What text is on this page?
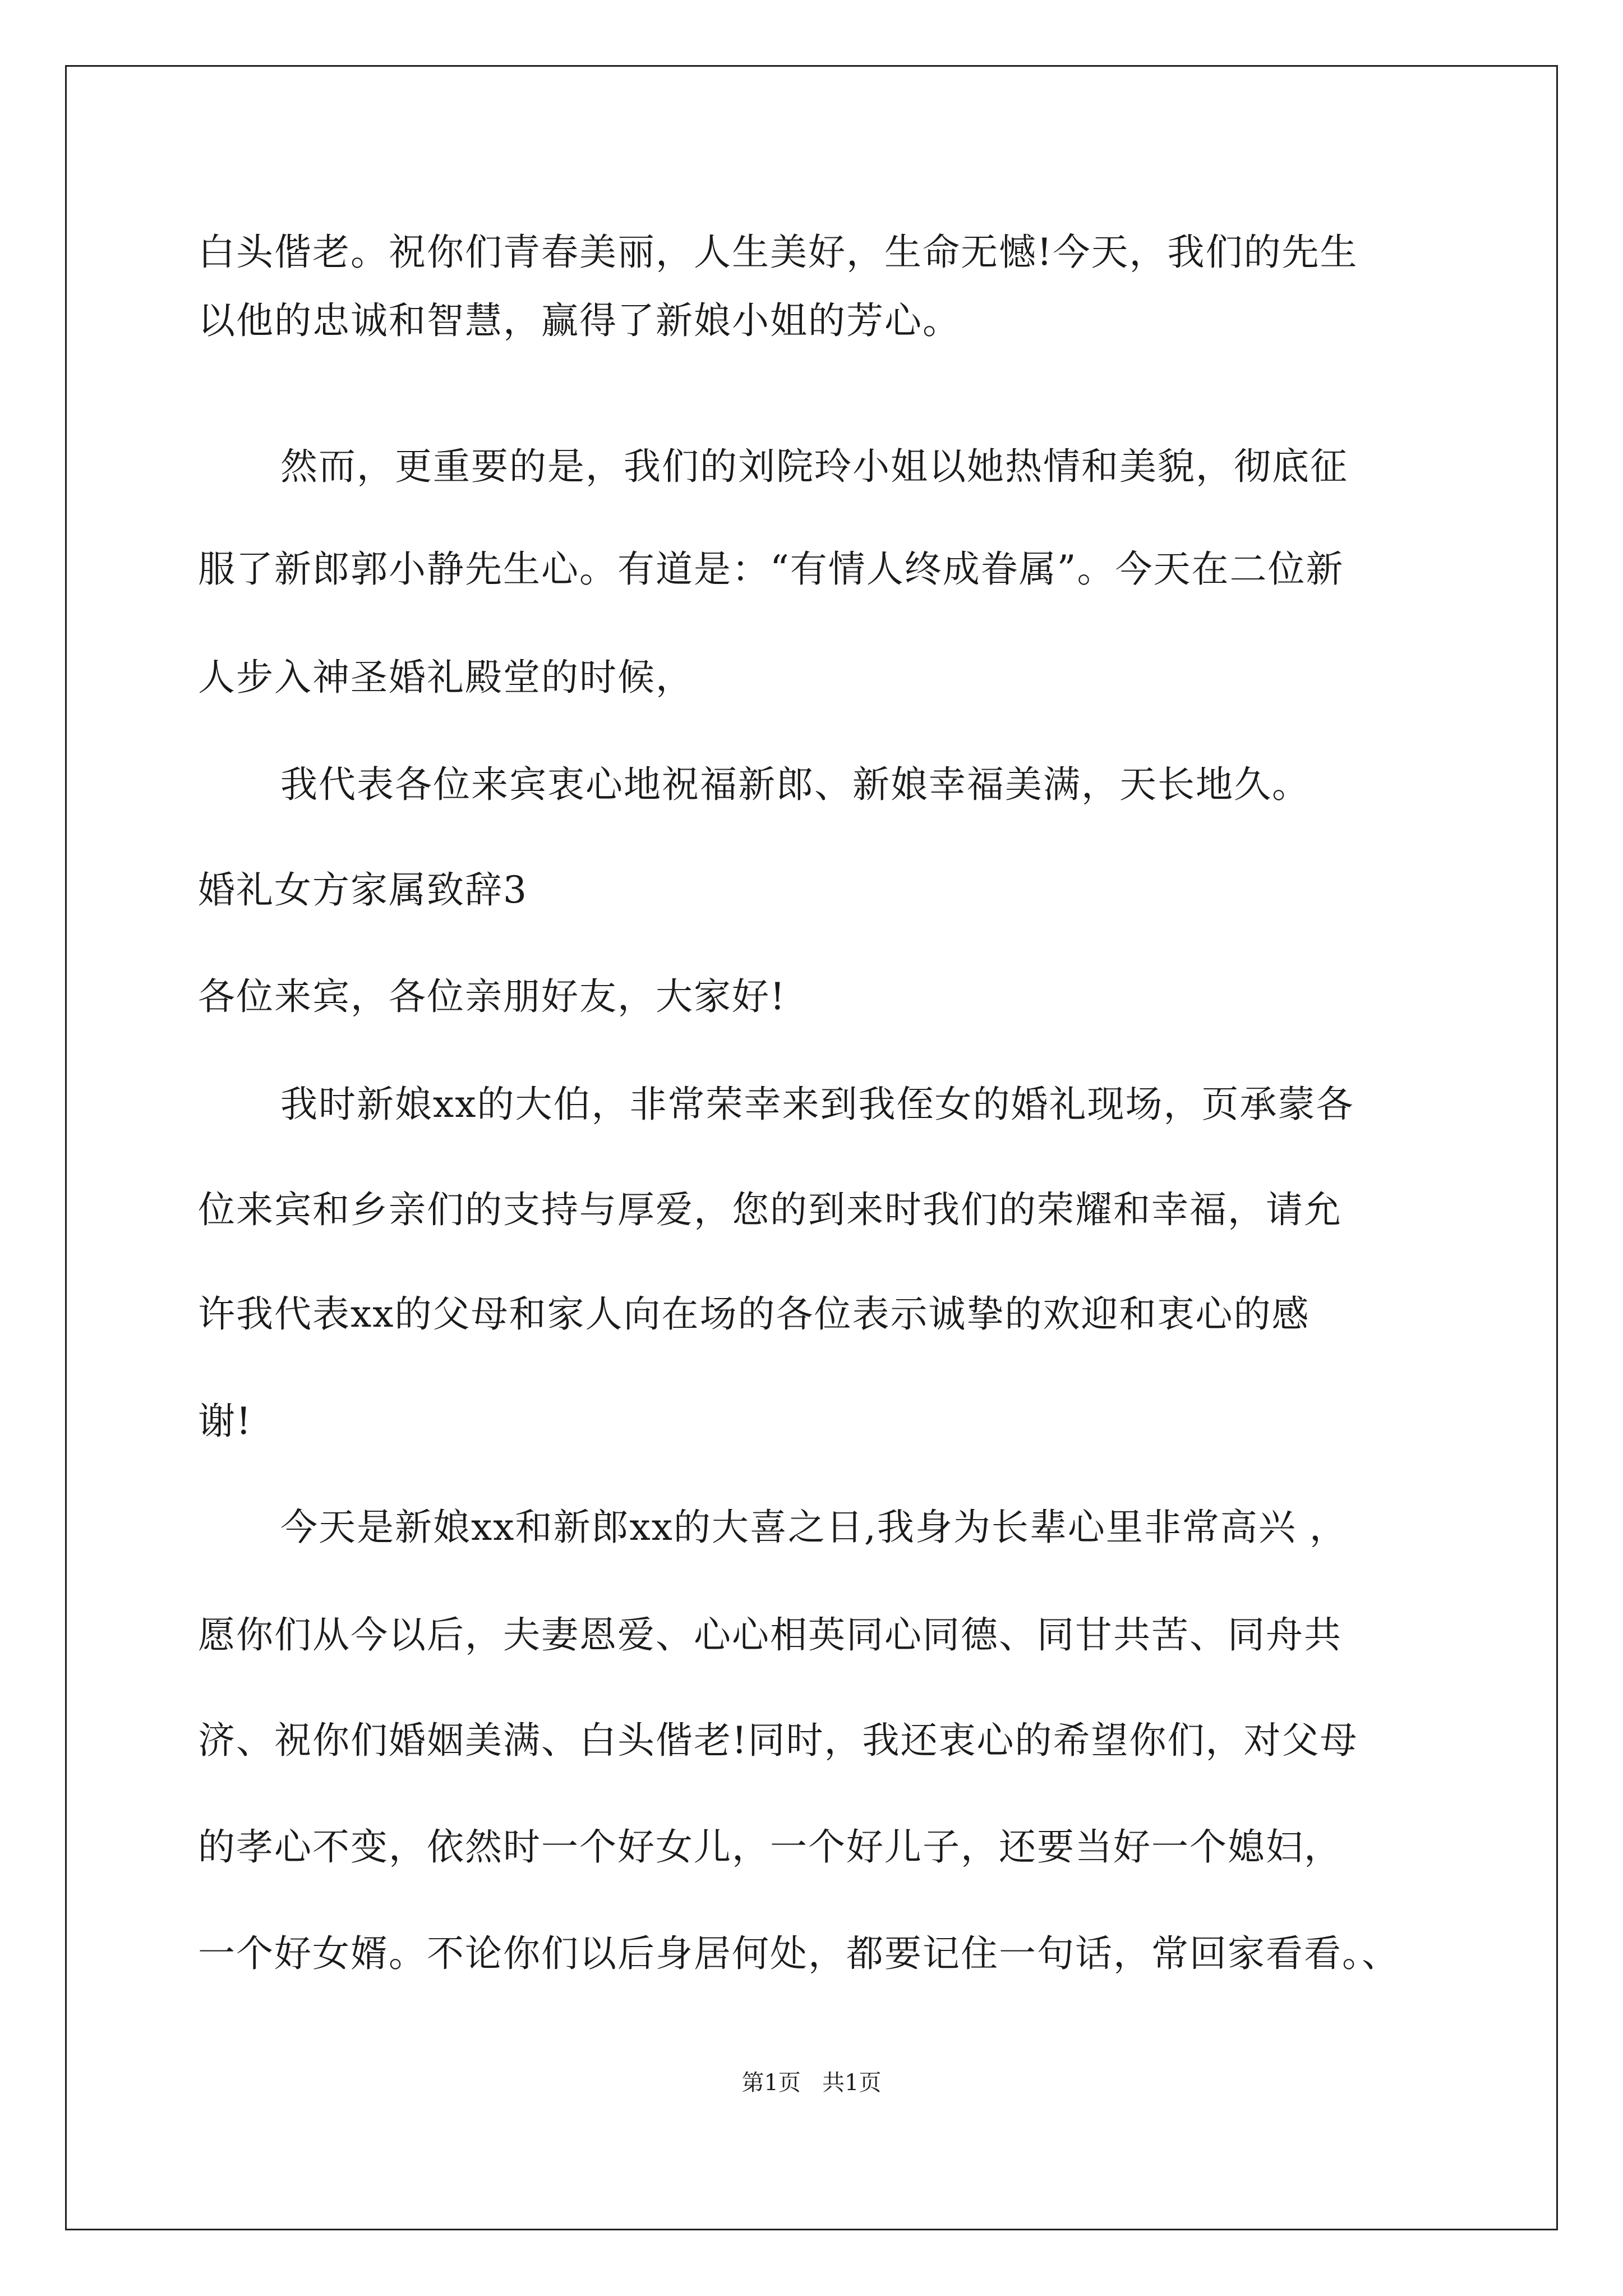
白头偕老。祝你们青春美丽，人生美好，生命无憾!今天，我们的先生
以他的忠诚和智慧，赢得了新娘小姐的芳心。
然而，更重要的是，我们的刘院玲小姐以她热情和美貌，彻底征
服了新郎郭小静先生心。有道是：“有情人终成眷属”。今天在二位新
人步入神圣婚礼殿堂的时候，
我代表各位来宾衷心地祝福新郎、新娘幸福美满，天长地久。
婚礼女方家属致辞3
各位来宾，各位亲朋好友，大家好!
我时新娘xx的大伯，非常荣幸来到我侄女的婚礼现场，页承蒙各
位来宾和乡亲们的支持与厚爱，您的到来时我们的荣耀和幸福，请允
许我代表xx的父母和家人向在场的各位表示诚挚的欢迎和衷心的感
谢!
今天是新娘xx和新郎xx的大喜之日,我身为长辈心里非常高兴 ，
愿你们从今以后，夫妻恩爱、心心相英同心同德、同甘共苦、同舟共
济、祝你们婚姻美满、白头偕老!同时，我还衷心的希望你们，对父母
的孝心不变，依然时一个好女儿，一个好儿子，还要当好一个媳妇，
一个好女婿。不论你们以后身居何处，都要记住一句话，常回家看看。、
第1页   共1页
